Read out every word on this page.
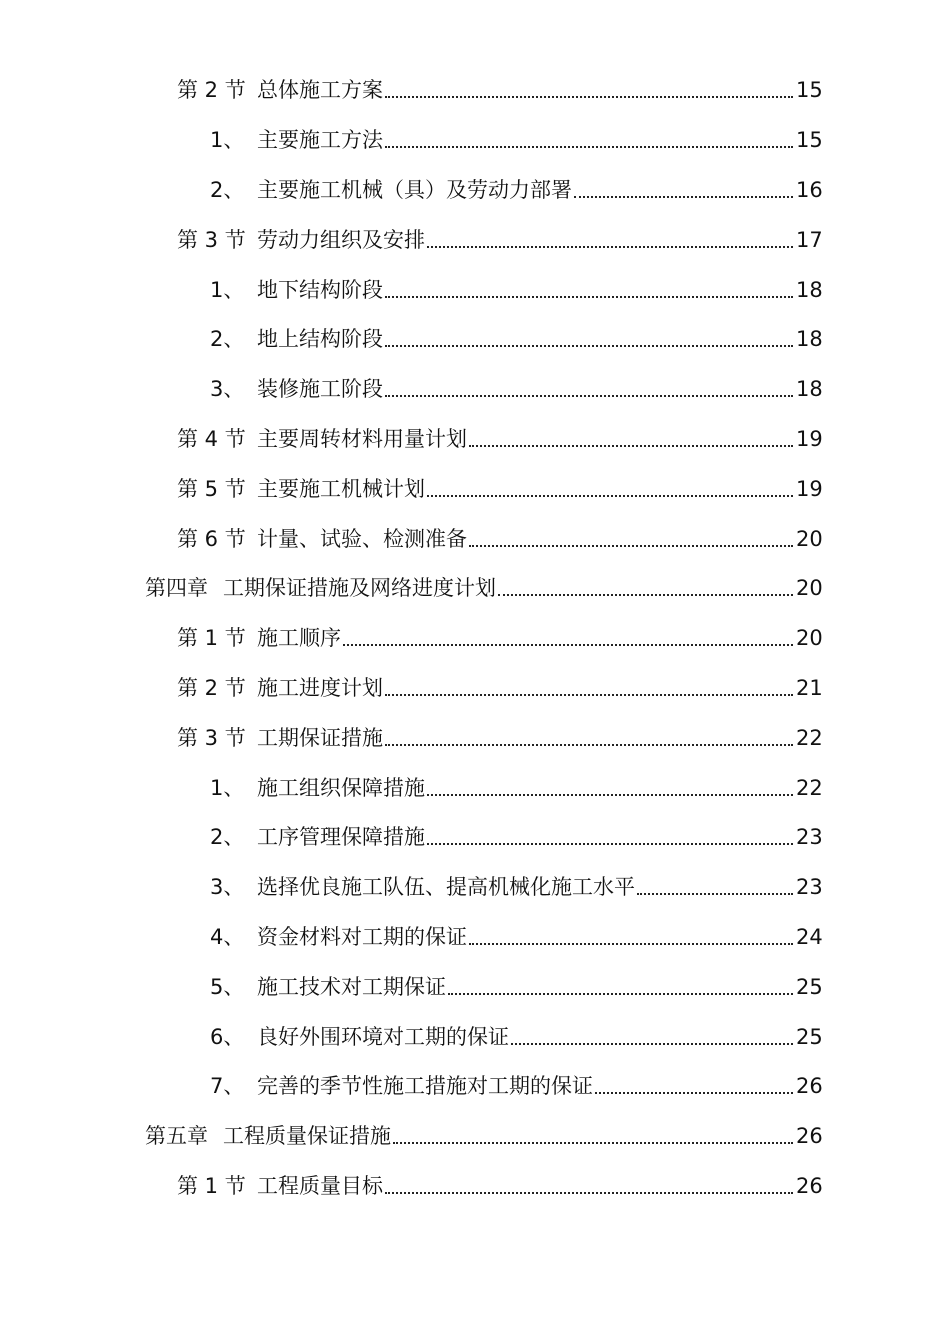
第 2 节 总体施工方案	15
1、 主要施工方法	15
2、 主要施工机械（具）及劳动力部署	16
第 3 节 劳动力组织及安排	17
1、 地下结构阶段	18
2、 地上结构阶段	18
3、 装修施工阶段	18
第 4 节 主要周转材料用量计划	19
第 5 节 主要施工机械计划	19
第 6 节 计量、试验、检测准备	20
第四章 工期保证措施及网络进度计划	20
第 1 节 施工顺序	20
第 2 节 施工进度计划	21
第 3 节 工期保证措施	22
1、 施工组织保障措施	22
2、 工序管理保障措施	23
3、 选择优良施工队伍、提高机械化施工水平	23
4、 资金材料对工期的保证	24
5、 施工技术对工期保证	25
6、 良好外围环境对工期的保证	25
7、 完善的季节性施工措施对工期的保证	26
第五章 工程质量保证措施	26
第 1 节 工程质量目标	26
